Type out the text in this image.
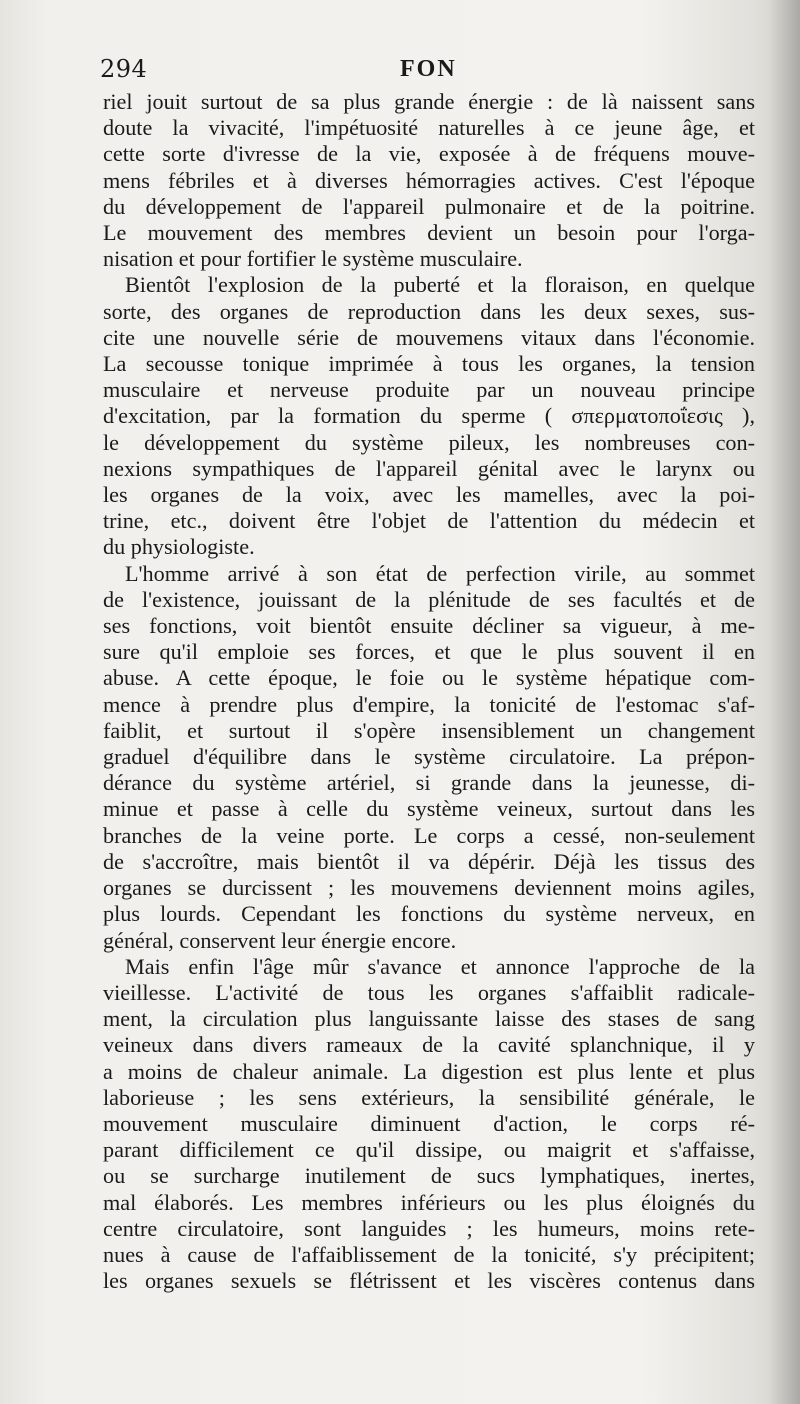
294	FON

riel jouit surtout de sa plus grande énergie : de là naissent sans
doute la vivacité, l'impétuosité naturelles à ce jeune âge, et
cette sorte d'ivresse de la vie, exposée à de fréquens mouve-
mens fébriles et à diverses hémorragies actives. C'est l'époque
du développement de l'appareil pulmonaire et de la poitrine.
Le mouvement des membres devient un besoin pour l'orga-
nisation et pour fortifier le système musculaire.

Bientôt l'explosion de la puberté et la floraison, en quelque
sorte, des organes de reproduction dans les deux sexes, sus-
cite une nouvelle série de mouvemens vitaux dans l'économie.
La secousse tonique imprimée à tous les organes, la tension
musculaire et nerveuse produite par un nouveau principe
d'excitation, par la formation du sperme ( σπερματοποΐεσις ),
le développement du système pileux, les nombreuses con-
nexions sympathiques de l'appareil génital avec le larynx ou
les organes de la voix, avec les mamelles, avec la poi-
trine, etc., doivent être l'objet de l'attention du médecin et
du physiologiste.

L'homme arrivé à son état de perfection virile, au sommet
de l'existence, jouissant de la plénitude de ses facultés et de
ses fonctions, voit bientôt ensuite décliner sa vigueur, à me-
sure qu'il emploie ses forces, et que le plus souvent il en
abuse. A cette époque, le foie ou le système hépatique com-
mence à prendre plus d'empire, la tonicité de l'estomac s'af-
faiblit, et surtout il s'opère insensiblement un changement
graduel d'équilibre dans le système circulatoire. La prépon-
dérance du système artériel, si grande dans la jeunesse, di-
minue et passe à celle du système veineux, surtout dans les
branches de la veine porte. Le corps a cessé, non-seulement
de s'accroître, mais bientôt il va dépérir. Déjà les tissus des
organes se durcissent ; les mouvemens deviennent moins agiles,
plus lourds. Cependant les fonctions du système nerveux, en
général, conservent leur énergie encore.

Mais enfin l'âge mûr s'avance et annonce l'approche de la
vieillesse. L'activité de tous les organes s'affaiblit radicale-
ment, la circulation plus languissante laisse des stases de sang
veineux dans divers rameaux de la cavité splanchnique, il y
a moins de chaleur animale. La digestion est plus lente et plus
laborieuse ; les sens extérieurs, la sensibilité générale, le
mouvement musculaire diminuent d'action, le corps ré-
parant difficilement ce qu'il dissipe, ou maigrit et s'affaisse,
ou se surcharge inutilement de sucs lymphatiques, inertes,
mal élaborés. Les membres inférieurs ou les plus éloignés du
centre circulatoire, sont languides ; les humeurs, moins rete-
nues à cause de l'affaiblissement de la tonicité, s'y précipitent;
les organes sexuels se flétrissent et les viscères contenus dans
